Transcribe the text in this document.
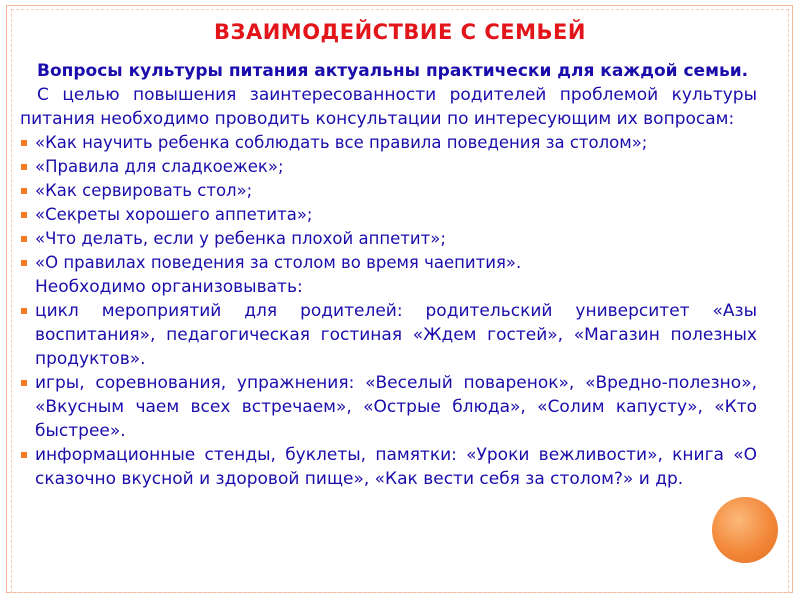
ВЗАИМОДЕЙСТВИЕ С СЕМЬЕЙ

Вопросы культуры питания актуальны практически для каждой семьи.

С целью повышения заинтересованности родителей проблемой культуры питания необходимо проводить консультации по интересующим их вопросам:

«Как научить ребенка соблюдать все правила поведения за столом»;
«Правила для сладкоежек»;
«Как сервировать стол»;
«Секреты хорошего аппетита»;
«Что делать, если у ребенка плохой аппетит»;
«О правилах поведения за столом во время чаепития».

Необходимо организовывать:

цикл мероприятий для родителей: родительский университет «Азы воспитания», педагогическая гостиная «Ждем гостей», «Магазин полезных продуктов».
игры, соревнования, упражнения: «Веселый поваренок», «Вредно-полезно», «Вкусным чаем всех встречаем», «Острые блюда», «Солим капусту», «Кто быстрее».
информационные стенды, буклеты, памятки: «Уроки вежливости», книга «О сказочно вкусной и здоровой пище», «Как вести себя за столом?» и др.
